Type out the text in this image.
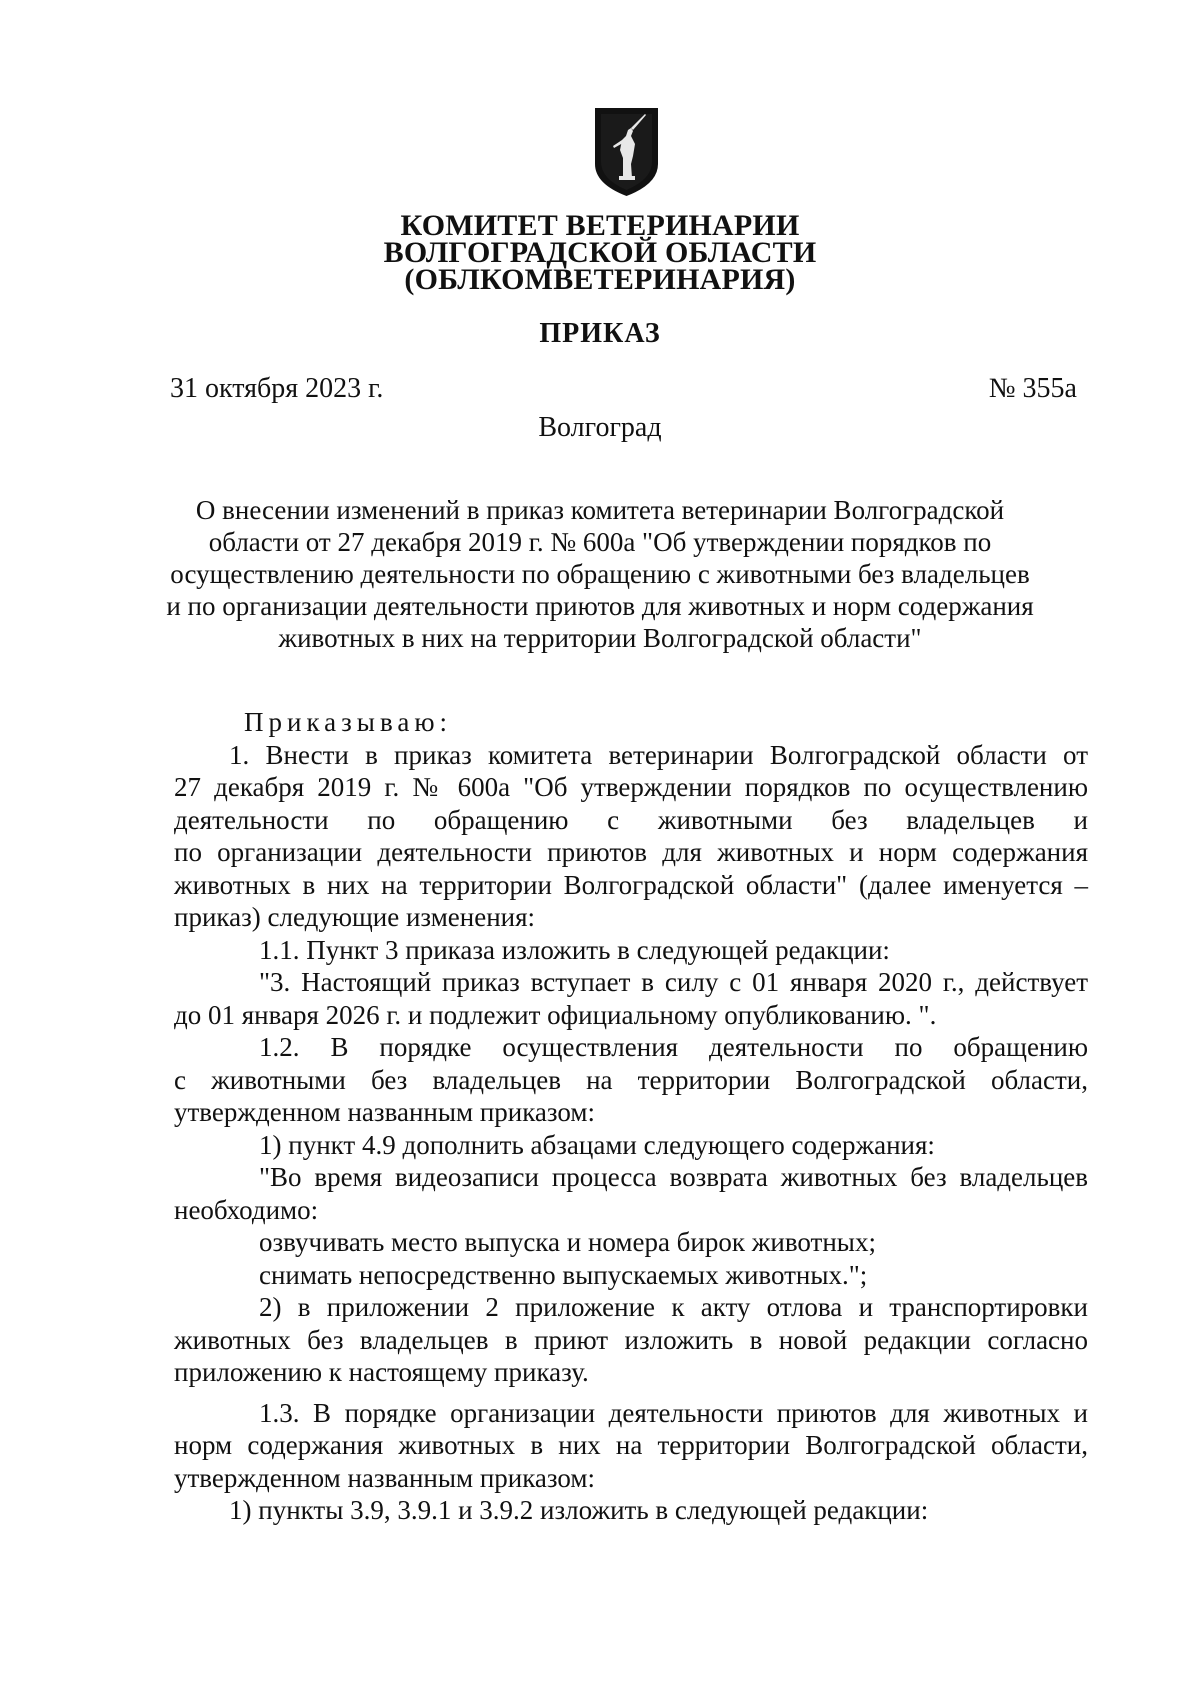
КОМИТЕТ ВЕТЕРИНАРИИ
ВОЛГОГРАДСКОЙ ОБЛАСТИ
(ОБЛКОМВЕТЕРИНАРИЯ)
ПРИКАЗ
31 октября 2023 г.	№ 355а
Волгоград
О внесении изменений в приказ комитета ветеринарии Волгоградской
области от 27 декабря 2019 г. № 600а "Об утверждении порядков по
осуществлению деятельности по обращению с животными без владельцев
и по организации деятельности приютов для животных и норм содержания
животных в них на территории Волгоградской области"
Приказываю:
1. Внести в приказ комитета ветеринарии Волгоградской области от
27 декабря 2019 г. № 600а "Об утверждении порядков по осуществлению
деятельности по обращению с животными без владельцев и
по организации деятельности приютов для животных и норм содержания
животных в них на территории Волгоградской области" (далее именуется –
приказ) следующие изменения:
1.1. Пункт 3 приказа изложить в следующей редакции:
"3. Настоящий приказ вступает в силу с 01 января 2020 г., действует
до 01 января 2026 г. и подлежит официальному опубликованию. ".
1.2. В порядке осуществления деятельности по обращению
с животными без владельцев на территории Волгоградской области,
утвержденном названным приказом:
1) пункт 4.9 дополнить абзацами следующего содержания:
"Во время видеозаписи процесса возврата животных без владельцев
необходимо:
озвучивать место выпуска и номера бирок животных;
снимать непосредственно выпускаемых животных.";
2) в приложении 2 приложение к акту отлова и транспортировки
животных без владельцев в приют изложить в новой редакции согласно
приложению к настоящему приказу.
1.3. В порядке организации деятельности приютов для животных и
норм содержания животных в них на территории Волгоградской области,
утвержденном названным приказом:
1) пункты 3.9, 3.9.1 и 3.9.2 изложить в следующей редакции:
